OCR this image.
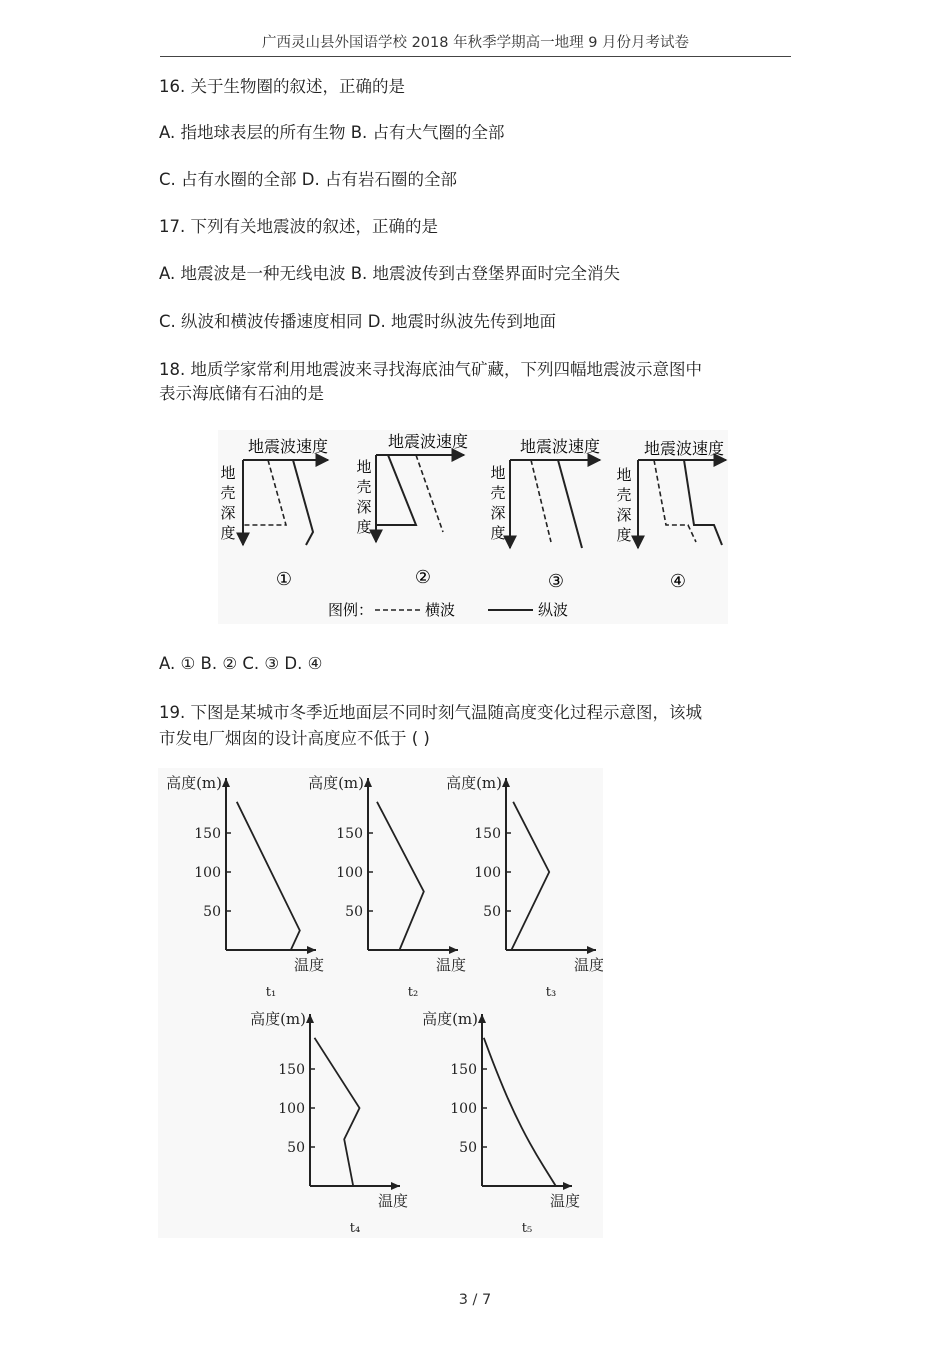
广西灵山县外国语学校 2018 年秋季学期高一地理 9 月份月考试卷
16. 关于生物圈的叙述，正确的是
A. 指地球表层的所有生物 B. 占有大气圈的全部
C. 占有水圈的全部 D. 占有岩石圈的全部
17. 下列有关地震波的叙述，正确的是
A. 地震波是一种无线电波 B. 地震波传到古登堡界面时完全消失
C. 纵波和横波传播速度相同 D. 地震时纵波先传到地面
18. 地质学家常利用地震波来寻找海底油气矿藏，下列四幅地震波示意图中
表示海底储有石油的是
地震波速度
地
壳
深
度
①
地震波速度
地
壳
深
度
②
地震波速度
地
壳
深
度
③
地震波速度
地
壳
深
度
④
图例：	横波	纵波
A. ① B. ② C. ③ D. ④
19. 下图是某城市冬季近地面层不同时刻气温随高度变化过程示意图，该城
市发电厂烟囱的设计高度应不低于 ( )
高度(m)
温度
150
100
50
t₁
高度(m)
温度
150
100
50
t₂
高度(m)
温度
150
100
50
t₃
高度(m)
温度
150
100
50
t₄
高度(m)
温度
150
100
50
t₅
3 / 7
